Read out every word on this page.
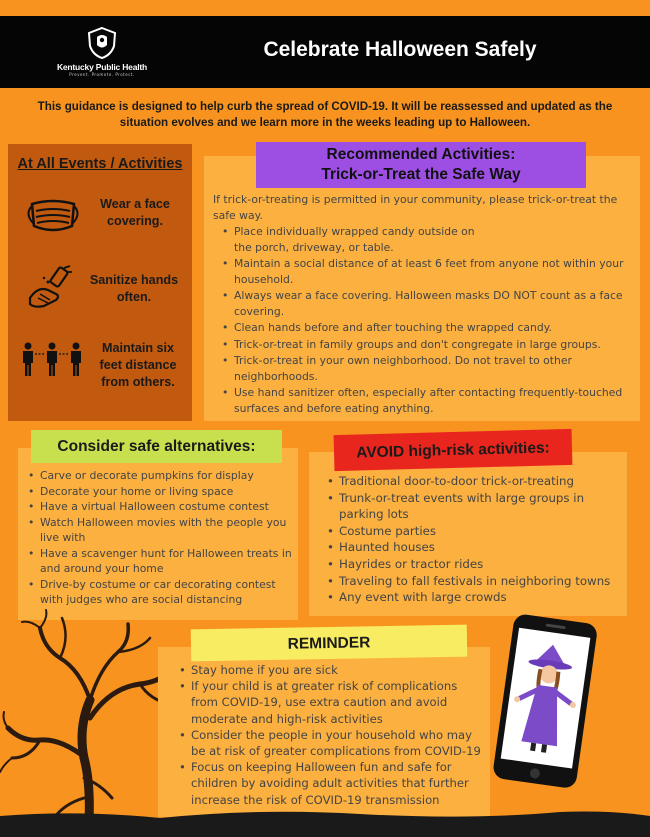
Kentucky Public Health
Prevent. Promote. Protect.
Celebrate Halloween Safely
This guidance is designed to help curb the spread of COVID-19. It will be reassessed and updated as the situation evolves and we learn more in the weeks leading up to Halloween.
At All Events / Activities
Wear a face covering.
Sanitize hands often.
Maintain six feet distance from others.
Recommended Activities:
Trick-or-Treat the Safe Way
If trick-or-treating is permitted in your community, please trick-or-treat the safe way.
• Place individually wrapped candy outside on the porch, driveway, or table.
• Maintain a social distance of at least 6 feet from anyone not within your household.
• Always wear a face covering. Halloween masks DO NOT count as a face covering.
• Clean hands before and after touching the wrapped candy.
• Trick-or-treat in family groups and don't congregate in large groups.
• Trick-or-treat in your own neighborhood. Do not travel to other neighborhoods.
• Use hand sanitizer often, especially after contacting frequently-touched surfaces and before eating anything.
Consider safe alternatives:
• Carve or decorate pumpkins for display
• Decorate your home or living space
• Have a virtual Halloween costume contest
• Watch Halloween movies with the people you live with
• Have a scavenger hunt for Halloween treats in and around your home
• Drive-by costume or car decorating contest with judges who are social distancing
AVOID high-risk activities:
• Traditional door-to-door trick-or-treating
• Trunk-or-treat events with large groups in parking lots
• Costume parties
• Haunted houses
• Hayrides or tractor rides
• Traveling to fall festivals in neighboring towns
• Any event with large crowds
REMINDER
• Stay home if you are sick
• If your child is at greater risk of complications from COVID-19, use extra caution and avoid moderate and high-risk activities
• Consider the people in your household who may be at risk of greater complications from COVID-19
• Focus on keeping Halloween fun and safe for children by avoiding adult activities that further increase the risk of COVID-19 transmission
